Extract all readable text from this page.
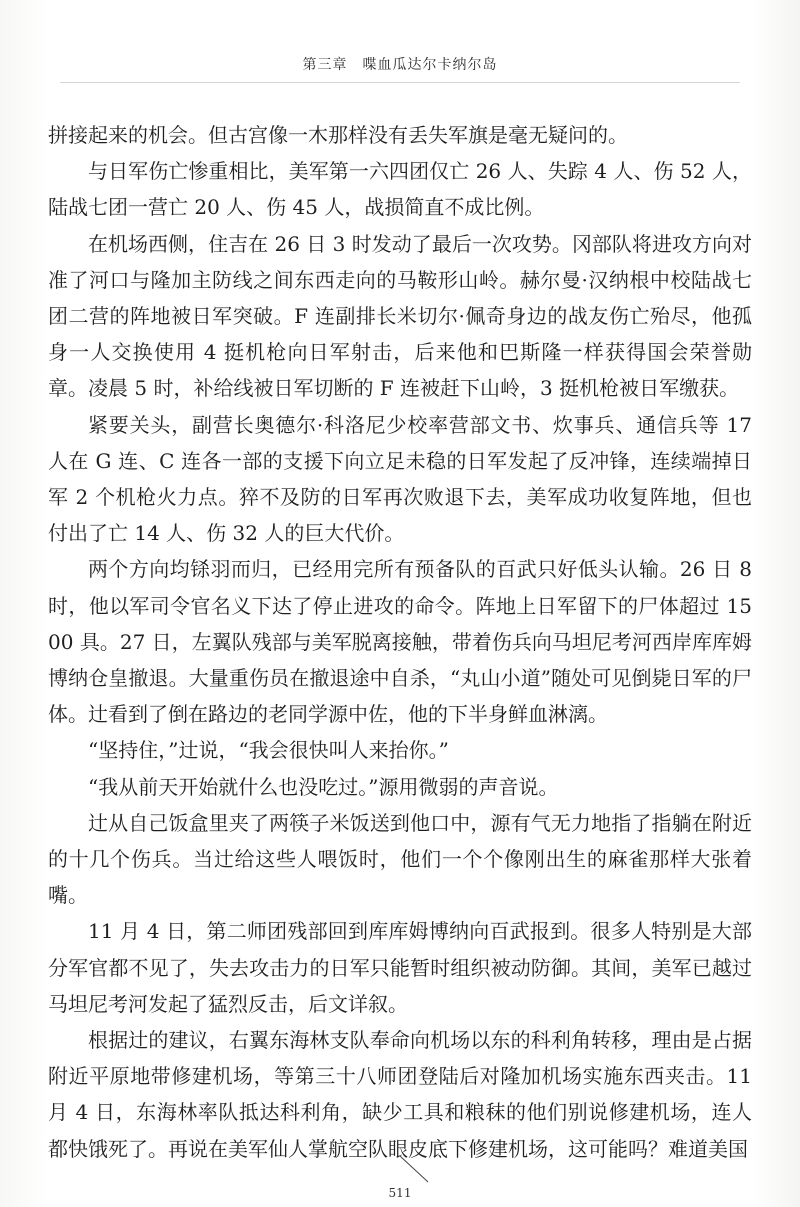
第三章　喋血瓜达尔卡纳尔岛

拼接起来的机会。但古宫像一木那样没有丢失军旗是毫无疑问的。

与日军伤亡惨重相比，美军第一六四团仅亡 26 人、失踪 4 人、伤 52 人，陆战七团一营亡 20 人、伤 45 人，战损简直不成比例。

在机场西侧，住吉在 26 日 3 时发动了最后一次攻势。冈部队将进攻方向对准了河口与隆加主防线之间东西走向的马鞍形山岭。赫尔曼·汉纳根中校陆战七团二营的阵地被日军突破。F 连副排长米切尔·佩奇身边的战友伤亡殆尽，他孤身一人交换使用 4 挺机枪向日军射击，后来他和巴斯隆一样获得国会荣誉勋章。凌晨 5 时，补给线被日军切断的 F 连被赶下山岭，3 挺机枪被日军缴获。

紧要关头，副营长奥德尔·科洛尼少校率营部文书、炊事兵、通信兵等 17 人在 G 连、C 连各一部的支援下向立足未稳的日军发起了反冲锋，连续端掉日军 2 个机枪火力点。猝不及防的日军再次败退下去，美军成功收复阵地，但也付出了亡 14 人、伤 32 人的巨大代价。

两个方向均铩羽而归，已经用完所有预备队的百武只好低头认输。26 日 8 时，他以军司令官名义下达了停止进攻的命令。阵地上日军留下的尸体超过 1500 具。27 日，左翼队残部与美军脱离接触，带着伤兵向马坦尼考河西岸库库姆博纳仓皇撤退。大量重伤员在撤退途中自杀，“丸山小道”随处可见倒毙日军的尸体。辻看到了倒在路边的老同学源中佐，他的下半身鲜血淋漓。

“坚持住，”辻说，“我会很快叫人来抬你。”

“我从前天开始就什么也没吃过。”源用微弱的声音说。

辻从自己饭盒里夹了两筷子米饭送到他口中，源有气无力地指了指躺在附近的十几个伤兵。当辻给这些人喂饭时，他们一个个像刚出生的麻雀那样大张着嘴。

11 月 4 日，第二师团残部回到库库姆博纳向百武报到。很多人特别是大部分军官都不见了，失去攻击力的日军只能暂时组织被动防御。其间，美军已越过马坦尼考河发起了猛烈反击，后文详叙。

根据辻的建议，右翼东海林支队奉命向机场以东的科利角转移，理由是占据附近平原地带修建机场，等第三十八师团登陆后对隆加机场实施东西夹击。11 月 4 日，东海林率队抵达科利角，缺少工具和粮秣的他们别说修建机场，连人都快饿死了。再说在美军仙人掌航空队眼皮底下修建机场，这可能吗？难道美国

511
